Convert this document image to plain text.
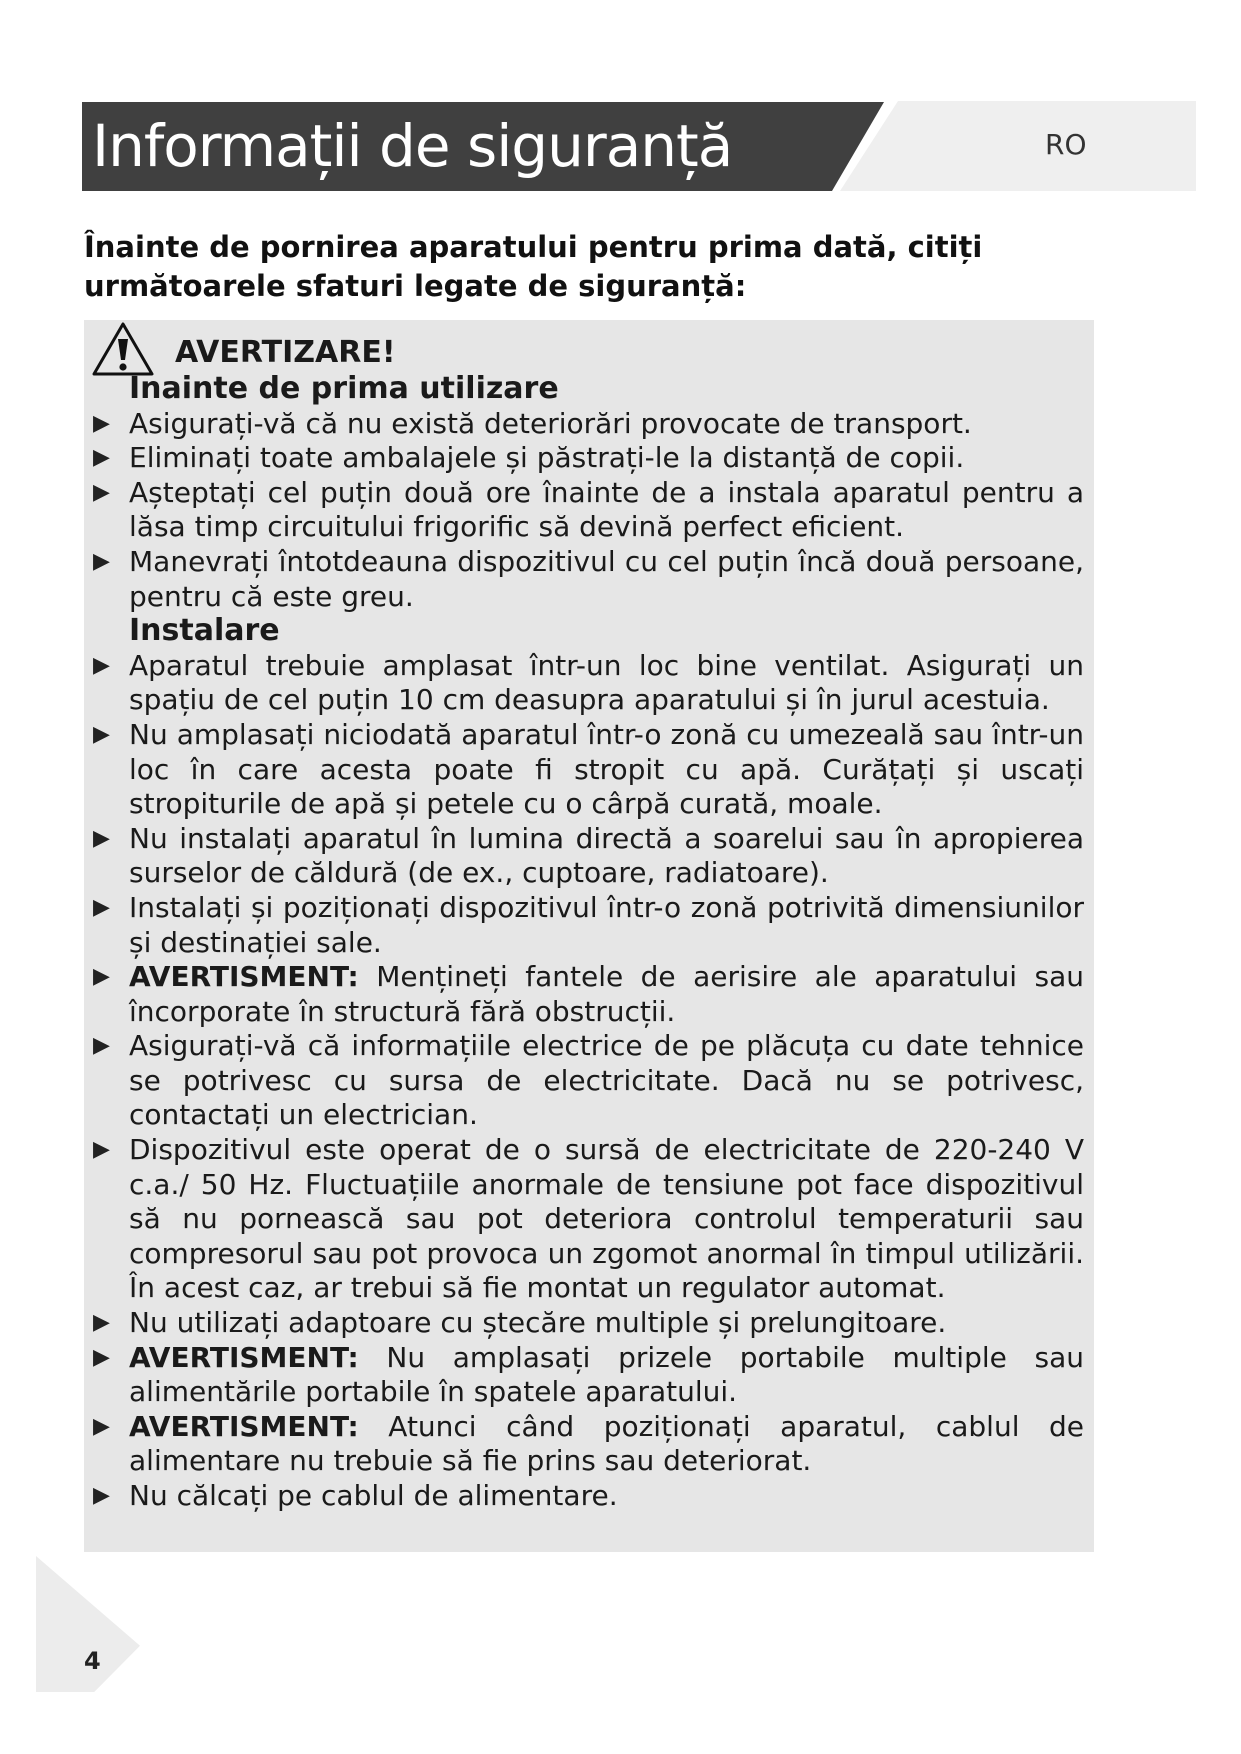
Informații de siguranță	RO

Înainte de pornirea aparatului pentru prima dată, citiți următoarele sfaturi legate de siguranță:

AVERTIZARE!
Inainte de prima utilizare
▶ Asigurați-vă că nu există deteriorări provocate de transport.
▶ Eliminați toate ambalajele și păstrați-le la distanță de copii.
▶ Așteptați cel puțin două ore înainte de a instala aparatul pentru a lăsa timp circuitului frigorific să devină perfect eficient.
▶ Manevrați întotdeauna dispozitivul cu cel puțin încă două persoane, pentru că este greu.
Instalare
▶ Aparatul trebuie amplasat într-un loc bine ventilat. Asigurați un spațiu de cel puțin 10 cm deasupra aparatului și în jurul acestuia.
▶ Nu amplasați niciodată aparatul într-o zonă cu umezeală sau într-un loc în care acesta poate fi stropit cu apă. Curățați și uscați stropiturile de apă și petele cu o cârpă curată, moale.
▶ Nu instalați aparatul în lumina directă a soarelui sau în apropierea surselor de căldură (de ex., cuptoare, radiatoare).
▶ Instalați și poziționați dispozitivul într-o zonă potrivită dimensiunilor și destinației sale.
▶ AVERTISMENT: Mențineți fantele de aerisire ale aparatului sau încorporate în structură fără obstrucții.
▶ Asigurați-vă că informațiile electrice de pe plăcuța cu date tehnice se potrivesc cu sursa de electricitate. Dacă nu se potrivesc, contactați un electrician.
▶ Dispozitivul este operat de o sursă de electricitate de 220-240 V c.a./ 50 Hz. Fluctuațiile anormale de tensiune pot face dispozitivul să nu pornească sau pot deteriora controlul temperaturii sau compresorul sau pot provoca un zgomot anormal în timpul utilizării. În acest caz, ar trebui să fie montat un regulator automat.
▶ Nu utilizați adaptoare cu ștecăre multiple și prelungitoare.
▶ AVERTISMENT: Nu amplasați prizele portabile multiple sau alimentările portabile în spatele aparatului.
▶ AVERTISMENT: Atunci când poziționați aparatul, cablul de alimentare nu trebuie să fie prins sau deteriorat.
▶ Nu călcați pe cablul de alimentare.
4
